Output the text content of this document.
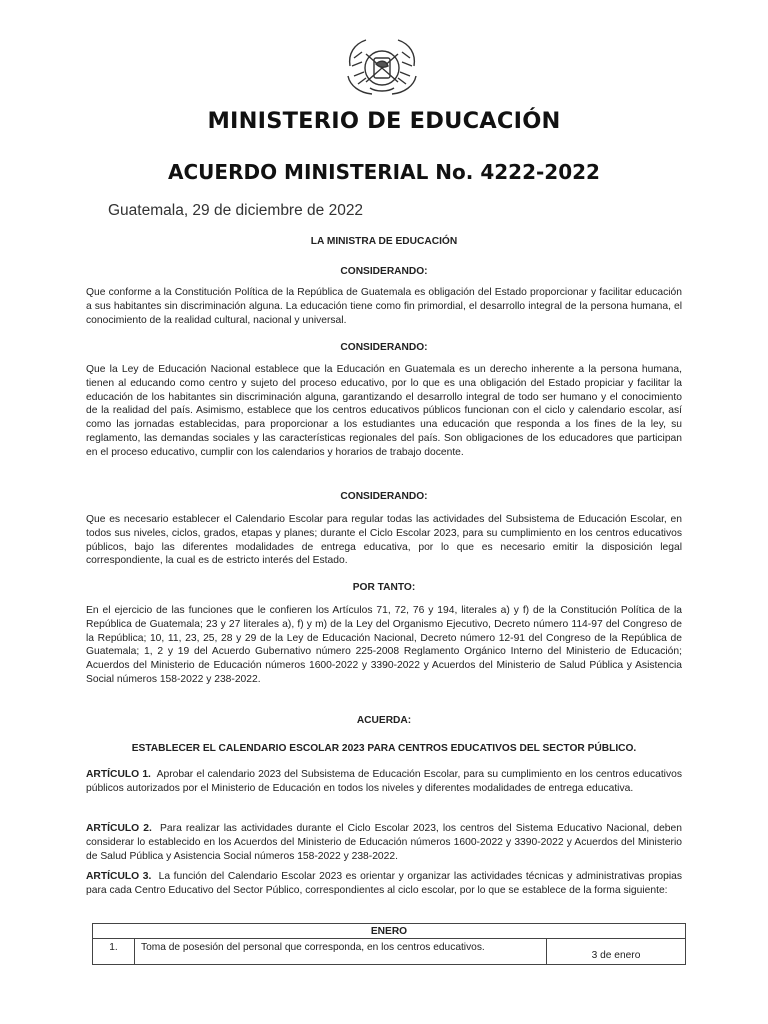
MINISTERIO DE EDUCACIÓN
ACUERDO MINISTERIAL No. 4222-2022
Guatemala, 29 de diciembre de 2022
LA MINISTRA DE EDUCACIÓN
CONSIDERANDO:
Que conforme a la Constitución Política de la República de Guatemala es obligación del Estado proporcionar y facilitar educación a sus habitantes sin discriminación alguna. La educación tiene como fin primordial, el desarrollo integral de la persona humana, el conocimiento de la realidad cultural, nacional y universal.
CONSIDERANDO:
Que la Ley de Educación Nacional establece que la Educación en Guatemala es un derecho inherente a la persona humana, tienen al educando como centro y sujeto del proceso educativo, por lo que es una obligación del Estado propiciar y facilitar la educación de los habitantes sin discriminación alguna, garantizando el desarrollo integral de todo ser humano y el conocimiento de la realidad del país. Asimismo, establece que los centros educativos públicos funcionan con el ciclo y calendario escolar, así como las jornadas establecidas, para proporcionar a los estudiantes una educación que responda a los fines de la ley, su reglamento, las demandas sociales y las características regionales del país. Son obligaciones de los educadores que participan en el proceso educativo, cumplir con los calendarios y horarios de trabajo docente.
CONSIDERANDO:
Que es necesario establecer el Calendario Escolar para regular todas las actividades del Subsistema de Educación Escolar, en todos sus niveles, ciclos, grados, etapas y planes; durante el Ciclo Escolar 2023, para su cumplimiento en los centros educativos públicos, bajo las diferentes modalidades de entrega educativa, por lo que es necesario emitir la disposición legal correspondiente, la cual es de estricto interés del Estado.
POR TANTO:
En el ejercicio de las funciones que le confieren los Artículos 71, 72, 76 y 194, literales a) y f) de la Constitución Política de la República de Guatemala; 23 y 27 literales a), f) y m) de la Ley del Organismo Ejecutivo, Decreto número 114-97 del Congreso de la República; 10, 11, 23, 25, 28 y 29 de la Ley de Educación Nacional, Decreto número 12-91 del Congreso de la República de Guatemala; 1, 2 y 19 del Acuerdo Gubernativo número 225-2008 Reglamento Orgánico Interno del Ministerio de Educación; Acuerdos del Ministerio de Educación números 1600-2022 y 3390-2022 y Acuerdos del Ministerio de Salud Pública y Asistencia Social números 158-2022 y 238-2022.
ACUERDA:
ESTABLECER EL CALENDARIO ESCOLAR 2023 PARA CENTROS EDUCATIVOS DEL SECTOR PÚBLICO.
ARTÍCULO 1. Aprobar el calendario 2023 del Subsistema de Educación Escolar, para su cumplimiento en los centros educativos públicos autorizados por el Ministerio de Educación en todos los niveles y diferentes modalidades de entrega educativa.
ARTÍCULO 2. Para realizar las actividades durante el Ciclo Escolar 2023, los centros del Sistema Educativo Nacional, deben considerar lo establecido en los Acuerdos del Ministerio de Educación números 1600-2022 y 3390-2022 y Acuerdos del Ministerio de Salud Pública y Asistencia Social números 158-2022 y 238-2022.
ARTÍCULO 3. La función del Calendario Escolar 2023 es orientar y organizar las actividades técnicas y administrativas propias para cada Centro Educativo del Sector Público, correspondientes al ciclo escolar, por lo que se establece de la forma siguiente:
ENERO
1.	Toma de posesión del personal que corresponda, en los centros educativos.	3 de enero
